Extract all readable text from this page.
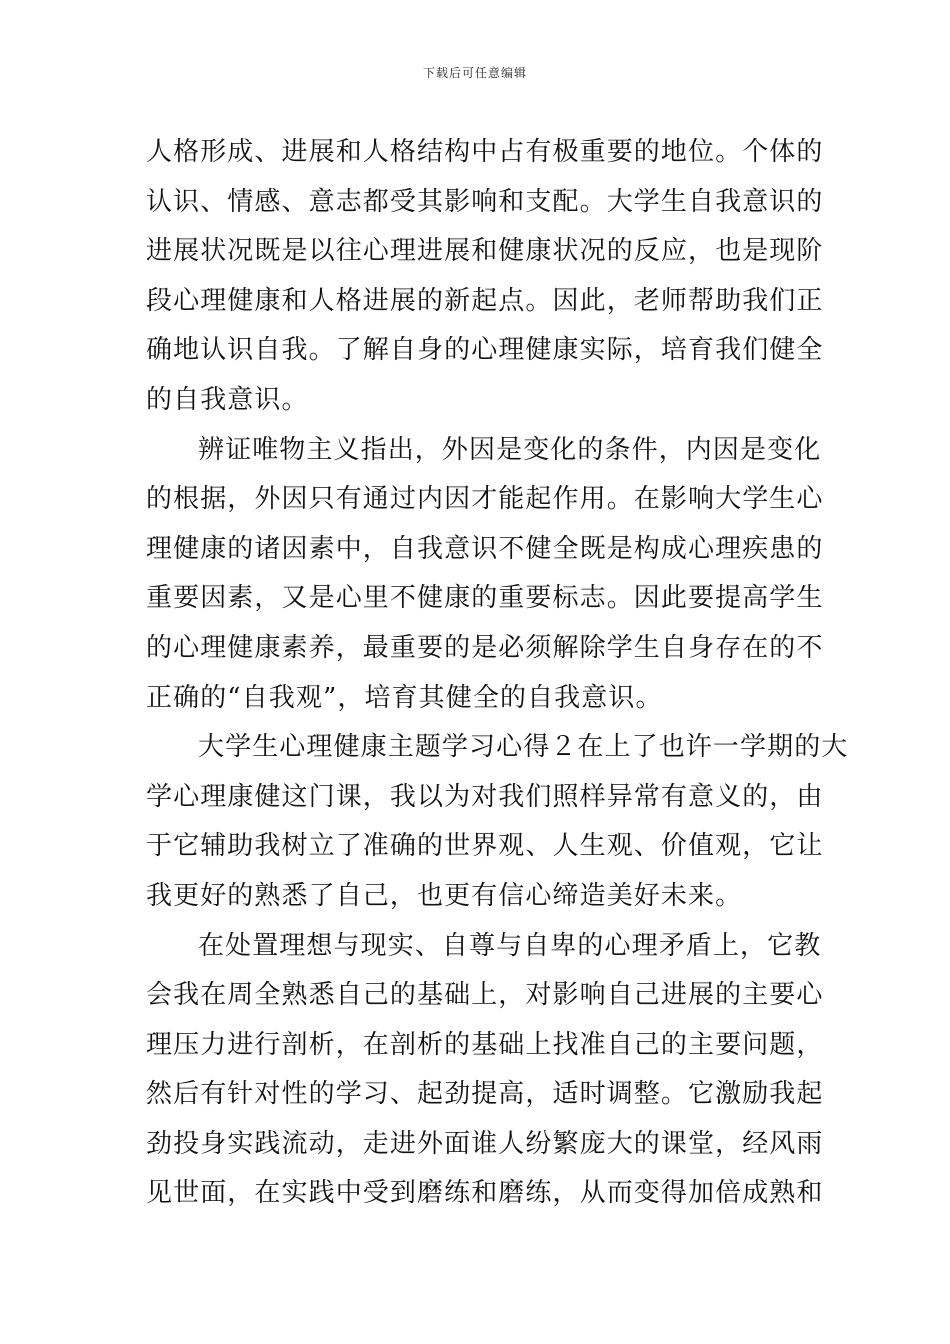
下载后可任意编辑
人格形成、进展和人格结构中占有极重要的地位。个体的
认识、情感、意志都受其影响和支配。大学生自我意识的
进展状况既是以往心理进展和健康状况的反应，也是现阶
段心理健康和人格进展的新起点。因此，老师帮助我们正
确地认识自我。了解自身的心理健康实际，培育我们健全
的自我意识。
辨证唯物主义指出，外因是变化的条件，内因是变化
的根据，外因只有通过内因才能起作用。在影响大学生心
理健康的诸因素中，自我意识不健全既是构成心理疾患的
重要因素，又是心里不健康的重要标志。因此要提高学生
的心理健康素养，最重要的是必须解除学生自身存在的不
正确的“自我观”，培育其健全的自我意识。
大学生心理健康主题学习心得２在上了也许一学期的大
学心理康健这门课，我以为对我们照样异常有意义的，由
于它辅助我树立了准确的世界观、人生观、价值观，它让
我更好的熟悉了自己，也更有信心缔造美好未来。
在处置理想与现实、自尊与自卑的心理矛盾上，它教
会我在周全熟悉自己的基础上，对影响自己进展的主要心
理压力进行剖析，在剖析的基础上找准自己的主要问题，
然后有针对性的学习、起劲提高，适时调整。它激励我起
劲投身实践流动，走进外面谁人纷繁庞大的课堂，经风雨
见世面，在实践中受到磨练和磨练，从而变得加倍成熟和
